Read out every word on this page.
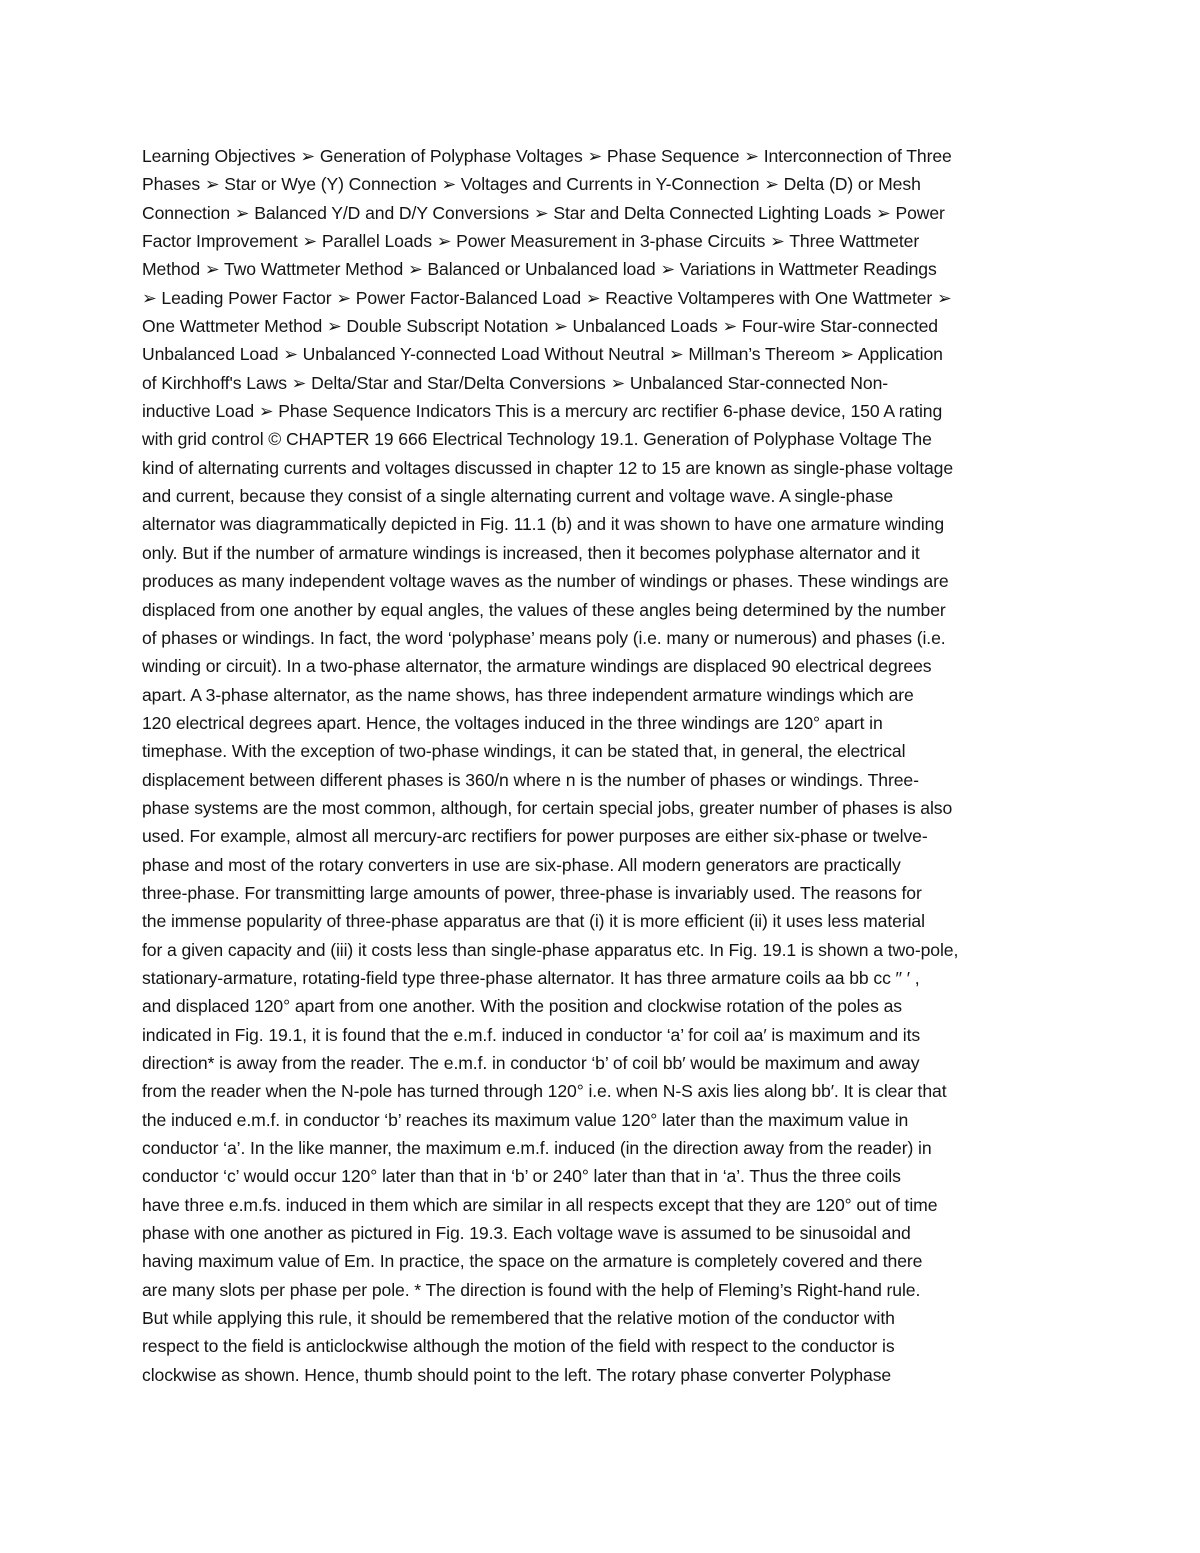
Learning Objectives ➢ Generation of Polyphase Voltages ➢ Phase Sequence ➢ Interconnection of Three
Phases ➢ Star or Wye (Y) Connection ➢ Voltages and Currents in Y-Connection ➢ Delta (D) or Mesh
Connection ➢ Balanced Y/D and D/Y Conversions ➢ Star and Delta Connected Lighting Loads ➢ Power
Factor Improvement ➢ Parallel Loads ➢ Power Measurement in 3-phase Circuits ➢ Three Wattmeter
Method ➢ Two Wattmeter Method ➢ Balanced or Unbalanced load ➢ Variations in Wattmeter Readings
➢ Leading Power Factor ➢ Power Factor-Balanced Load ➢ Reactive Voltamperes with One Wattmeter ➢
One Wattmeter Method ➢ Double Subscript Notation ➢ Unbalanced Loads ➢ Four-wire Star-connected
Unbalanced Load ➢ Unbalanced Y-connected Load Without Neutral ➢ Millman’s Thereom ➢ Application
of Kirchhoff's Laws ➢ Delta/Star and Star/Delta Conversions ➢ Unbalanced Star-connected Non-
inductive Load ➢ Phase Sequence Indicators This is a mercury arc rectifier 6-phase device, 150 A rating
with grid control © CHAPTER 19 666 Electrical Technology 19.1. Generation of Polyphase Voltage The
kind of alternating currents and voltages discussed in chapter 12 to 15 are known as single-phase voltage
and current, because they consist of a single alternating current and voltage wave. A single-phase
alternator was diagrammatically depicted in Fig. 11.1 (b) and it was shown to have one armature winding
only. But if the number of armature windings is increased, then it becomes polyphase alternator and it
produces as many independent voltage waves as the number of windings or phases. These windings are
displaced from one another by equal angles, the values of these angles being determined by the number
of phases or windings. In fact, the word ‘polyphase’ means poly (i.e. many or numerous) and phases (i.e.
winding or circuit). In a two-phase alternator, the armature windings are displaced 90 electrical degrees
apart. A 3-phase alternator, as the name shows, has three independent armature windings which are
120 electrical degrees apart. Hence, the voltages induced in the three windings are 120° apart in
timephase. With the exception of two-phase windings, it can be stated that, in general, the electrical
displacement between different phases is 360/n where n is the number of phases or windings. Three-
phase systems are the most common, although, for certain special jobs, greater number of phases is also
used. For example, almost all mercury-arc rectifiers for power purposes are either six-phase or twelve-
phase and most of the rotary converters in use are six-phase. All modern generators are practically
three-phase. For transmitting large amounts of power, three-phase is invariably used. The reasons for
the immense popularity of three-phase apparatus are that (i) it is more efficient (ii) it uses less material
for a given capacity and (iii) it costs less than single-phase apparatus etc. In Fig. 19.1 is shown a two-pole,
stationary-armature, rotating-field type three-phase alternator. It has three armature coils aa bb cc ′′ ′ ,
and displaced 120° apart from one another. With the position and clockwise rotation of the poles as
indicated in Fig. 19.1, it is found that the e.m.f. induced in conductor ‘a’ for coil aa′ is maximum and its
direction* is away from the reader. The e.m.f. in conductor ‘b’ of coil bb′ would be maximum and away
from the reader when the N-pole has turned through 120° i.e. when N-S axis lies along bb′. It is clear that
the induced e.m.f. in conductor ‘b’ reaches its maximum value 120° later than the maximum value in
conductor ‘a’. In the like manner, the maximum e.m.f. induced (in the direction away from the reader) in
conductor ‘c’ would occur 120° later than that in ‘b’ or 240° later than that in ‘a’. Thus the three coils
have three e.m.fs. induced in them which are similar in all respects except that they are 120° out of time
phase with one another as pictured in Fig. 19.3. Each voltage wave is assumed to be sinusoidal and
having maximum value of Em. In practice, the space on the armature is completely covered and there
are many slots per phase per pole. * The direction is found with the help of Fleming’s Right-hand rule.
But while applying this rule, it should be remembered that the relative motion of the conductor with
respect to the field is anticlockwise although the motion of the field with respect to the conductor is
clockwise as shown. Hence, thumb should point to the left. The rotary phase converter Polyphase
